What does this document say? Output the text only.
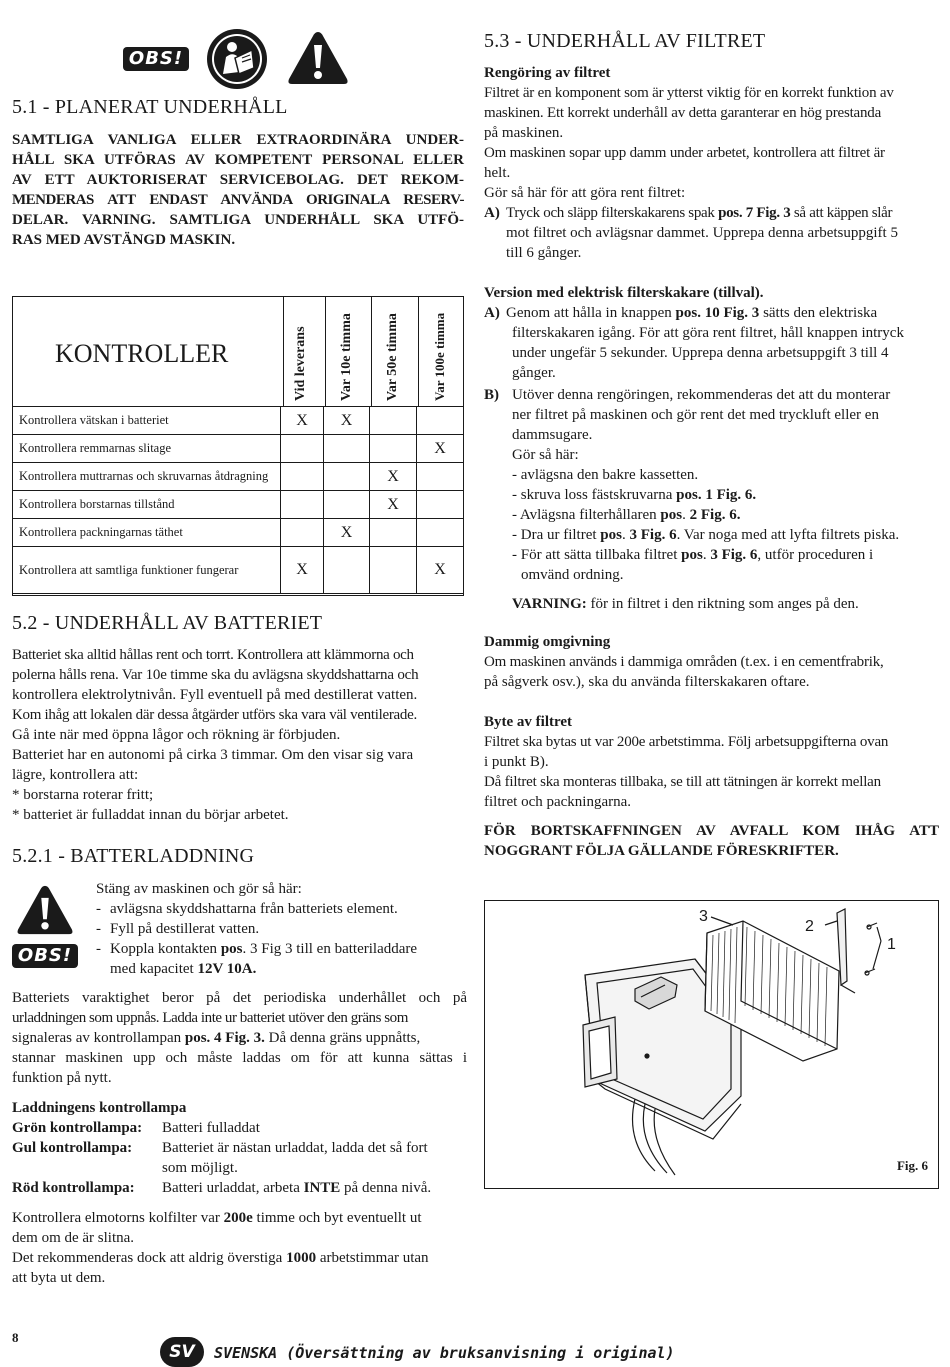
OBS!
5.1 - PLANERAT UNDERHÅLL
SAMTLIGA VANLIGA ELLER EXTRAORDINÄRA UNDER-
HÅLL SKA UTFÖRAS AV KOMPETENT PERSONAL ELLER
AV ETT AUKTORISERAT SERVICEBOLAG. DET REKOM-
MENDERAS ATT ENDAST ANVÄNDA ORIGINALA RESERV-
DELAR. VARNING. SAMTLIGA UNDERHÅLL SKA UTFÖ-
RAS MED AVSTÄNGD MASKIN.
KONTROLLER	Vid leverans Var 10e timma Var 50e timma Var 100e timma
Kontrollera vätskan i batteriet	X	X		
Kontrollera remmarnas slitage				X
Kontrollera muttrarnas och skruvarnas åtdragning			X	
Kontrollera borstarnas tillstånd			X	
Kontrollera packningarnas täthet		X		
Kontrollera att samtliga funktioner fungerar	X			X
5.2 - UNDERHÅLL AV BATTERIET
Batteriet ska alltid hållas rent och torrt. Kontrollera att klämmorna och
polerna hålls rena. Var 10e timme ska du avlägsna skyddshattarna och
kontrollera elektrolytnivån. Fyll eventuell på med destillerat vatten.
Kom ihåg att lokalen där dessa åtgärder utförs ska vara väl ventilerade.
Gå inte när med öppna lågor och rökning är förbjuden.
Batteriet har en autonomi på cirka 3 timmar. Om den visar sig vara
lägre, kontrollera att:
* borstarna roterar fritt;
* batteriet är fulladdat innan du börjar arbetet.
5.2.1 - BATTERLADDNING
OBS!
Stäng av maskinen och gör så här:
- avlägsna skyddshattarna från batteriets element.
- Fyll på destillerat vatten.
- Koppla kontakten pos. 3 Fig 3 till en batteriladdare
med kapacitet 12V 10A.
Batteriets varaktighet beror på det periodiska underhållet och på
urladdningen som uppnås. Ladda inte ur batteriet utöver den gräns som
signaleras av kontrollampan pos. 4 Fig. 3. Då denna gräns uppnåtts,
stannar maskinen upp och måste laddas om för att kunna sättas i
funktion på nytt.
Laddningens kontrollampa
Grön kontrollampa:	Batteri fulladdat
Gul kontrollampa:	Batteriet är nästan urladdat, ladda det så fort
som möjligt.
Röd kontrollampa:	Batteri urladdat, arbeta INTE på denna nivå.
Kontrollera elmotorns kolfilter var 200e timme och byt eventuellt ut
dem om de är slitna.
Det rekommenderas dock att aldrig överstiga 1000 arbetstimmar utan
att byta ut dem.
5.3 - UNDERHÅLL AV FILTRET
Rengöring av filtret
Filtret är en komponent som är ytterst viktig för en korrekt funktion av
maskinen. Ett korrekt underhåll av detta garanterar en hög prestanda
på maskinen.
Om maskinen sopar upp damm under arbetet, kontrollera att filtret är
helt.
Gör så här för att göra rent filtret:
A) Tryck och släpp filterskakarens spak pos. 7 Fig. 3 så att käppen slår
mot filtret och avlägsnar dammet. Upprepa denna arbetsuppgift 5
till 6 gånger.
Version med elektrisk filterskakare (tillval).
A) Genom att hålla in knappen pos. 10 Fig. 3 sätts den elektriska
filterskakaren igång. För att göra rent filtret, håll knappen intryck
under ungefär 5 sekunder. Upprepa denna arbetsuppgift 3 till 4
gånger.
B) Utöver denna rengöringen, rekommenderas det att du monterar
ner filtret på maskinen och gör rent det med tryckluft eller en
dammsugare.
Gör så här:
- avlägsna den bakre kassetten.
- skruva loss fästskruvarna pos. 1 Fig. 6.
- Avlägsna filterhållaren pos. 2 Fig. 6.
- Dra ur filtret pos. 3 Fig. 6. Var noga med att lyfta filtrets piska.
- För att sätta tillbaka filtret pos. 3 Fig. 6, utför proceduren i
omvänd ordning.
VARNING: för in filtret i den riktning som anges på den.
Dammig omgivning
Om maskinen används i dammiga områden (t.ex. i en cementfrabrik,
på sågverk osv.), ska du använda filterskakaren oftare.
Byte av filtret
Filtret ska bytas ut var 200e arbetstimma. Följ arbetsuppgifterna ovan
i punkt B).
Då filtret ska monteras tillbaka, se till att tätningen är korrekt mellan
filtret och packningarna.
FÖR BORTSKAFFNINGEN AV AVFALL KOM IHÅG ATT
NOGGRANT FÖLJA GÄLLANDE FÖRESKRIFTER.
3
2
1
Fig. 6
8
SV	SVENSKA (Översättning av bruksanvisning i original)
